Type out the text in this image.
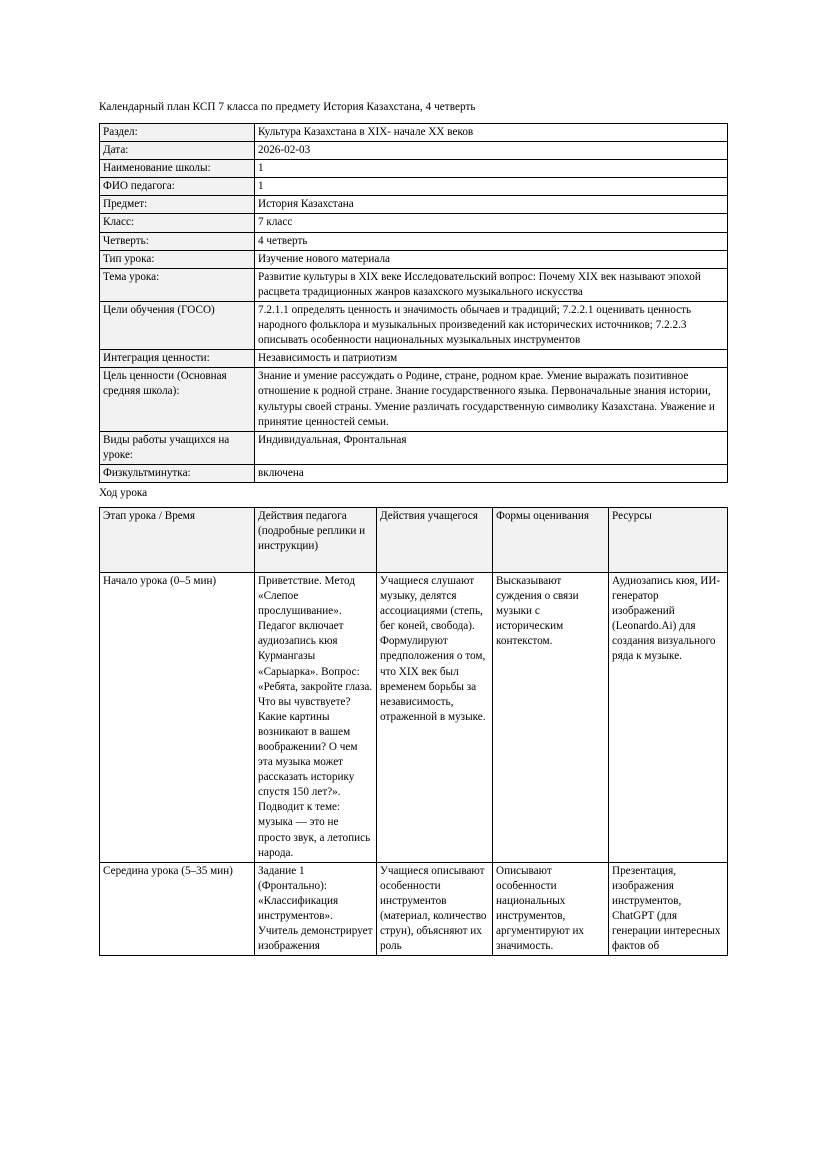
Календарный план КСП 7 класса по предмету История Казахстана, 4 четверть

Раздел:	Культура Казахстана в XIX- начале XX веков
Дата:	2026-02-03
Наименование школы:	1
ФИО педагога:	1
Предмет:	История Казахстана
Класс:	7 класс
Четверть:	4 четверть
Тип урока:	Изучение нового материала
Тема урока:	Развитие культуры в XIX веке Исследовательский вопрос: Почему XIX век называют эпохой расцвета традиционных жанров казахского музыкального искусства
Цели обучения (ГОСО)	7.2.1.1 определять ценность и значимость обычаев и традиций; 7.2.2.1 оценивать ценность народного фольклора и музыкальных произведений как исторических источников; 7.2.2.3 описывать особенности национальных музыкальных инструментов
Интеграция ценности:	Независимость и патриотизм
Цель ценности (Основная средняя школа):	Знание и умение рассуждать о Родине, стране, родном крае. Умение выражать позитивное отношение к родной стране. Знание государственного языка. Первоначальные знания истории, культуры своей страны. Умение различать государственную символику Казахстана. Уважение и принятие ценностей семьи.
Виды работы учащихся на уроке:	Индивидуальная, Фронтальная
Физкультминутка:	включена

Ход урока

Этап урока / Время	Действия педагога (подробные реплики и инструкции)	Действия учащегося	Формы оценивания	Ресурсы
Начало урока (0–5 мин)	Приветствие. Метод «Слепое прослушивание». Педагог включает аудиозапись кюя Курмангазы «Сарыарка». Вопрос: «Ребята, закройте глаза. Что вы чувствуете? Какие картины возникают в вашем воображении? О чем эта музыка может рассказать историку спустя 150 лет?». Подводит к теме: музыка — это не просто звук, а летопись народа.	Учащиеся слушают музыку, делятся ассоциациями (степь, бег коней, свобода). Формулируют предположения о том, что XIX век был временем борьбы за независимость, отраженной в музыке.	Высказывают суждения о связи музыки с историческим контекстом.	Аудиозапись кюя, ИИ-генератор изображений (Leonardo.Ai) для создания визуального ряда к музыке.
Середина урока (5–35 мин)	Задание 1 (Фронтально): «Классификация инструментов». Учитель демонстрирует изображения	Учащиеся описывают особенности инструментов (материал, количество струн), объясняют их роль	Описывают особенности национальных инструментов, аргументируют их значимость.	Презентация, изображения инструментов, ChatGPT (для генерации интересных фактов об
